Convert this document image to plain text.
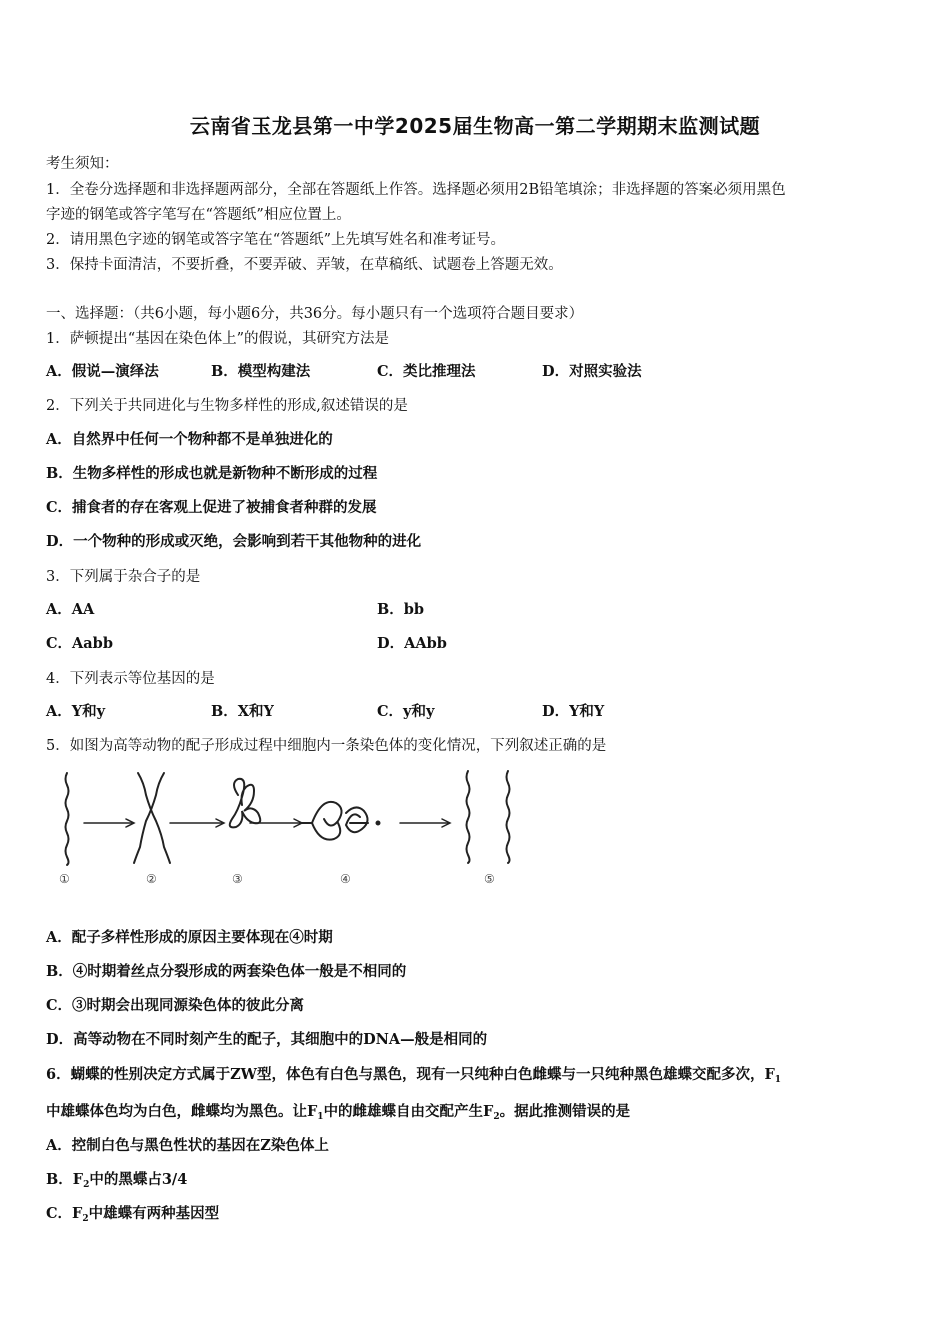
云南省玉龙县第一中学2025届生物高一第二学期期末监测试题
考生须知：
1．全卷分选择题和非选择题两部分，全部在答题纸上作答。选择题必须用2B铅笔填涂；非选择题的答案必须用黑色
字迹的钢笔或答字笔写在“答题纸”相应位置上。
2．请用黑色字迹的钢笔或答字笔在“答题纸”上先填写姓名和准考证号。
3．保持卡面清洁，不要折叠，不要弄破、弄皱，在草稿纸、试题卷上答题无效。
一、选择题：（共6小题，每小题6分，共36分。每小题只有一个选项符合题目要求）
1．萨顿提出“基因在染色体上”的假说，其研究方法是
A．假说—演绎法	B．模型构建法	C．类比推理法	D．对照实验法
2．下列关于共同进化与生物多样性的形成,叙述错误的是
A．自然界中任何一个物种都不是单独进化的
B．生物多样性的形成也就是新物种不断形成的过程
C．捕食者的存在客观上促进了被捕食者种群的发展
D．一个物种的形成或灭绝，会影响到若干其他物种的进化
3．下列属于杂合子的是
A．AA	B．bb
C．Aabb	D．AAbb
4．下列表示等位基因的是
A．Y和y	B．X和Y	C．y和y	D．Y和Y
5．如图为高等动物的配子形成过程中细胞内一条染色体的变化情况，下列叙述正确的是
①	②	③	④	⑤
A．配子多样性形成的原因主要体现在④时期
B．④时期着丝点分裂形成的两套染色体一般是不相同的
C．③时期会出现同源染色体的彼此分离
D．高等动物在不同时刻产生的配子，其细胞中的DNA—般是相同的
6．蝴蝶的性别决定方式属于ZW型，体色有白色与黑色，现有一只纯种白色雌蝶与一只纯种黑色雄蝶交配多次，$F_1$
中雄蝶体色均为白色，雌蝶均为黑色。让$F_1$中的雌雄蝶自由交配产生$F_2$。据此推测错误的是
A．控制白色与黑色性状的基因在Z染色体上
B．$F_2$中的黑蝶占3/4
C．$F_2$中雄蝶有两种基因型
